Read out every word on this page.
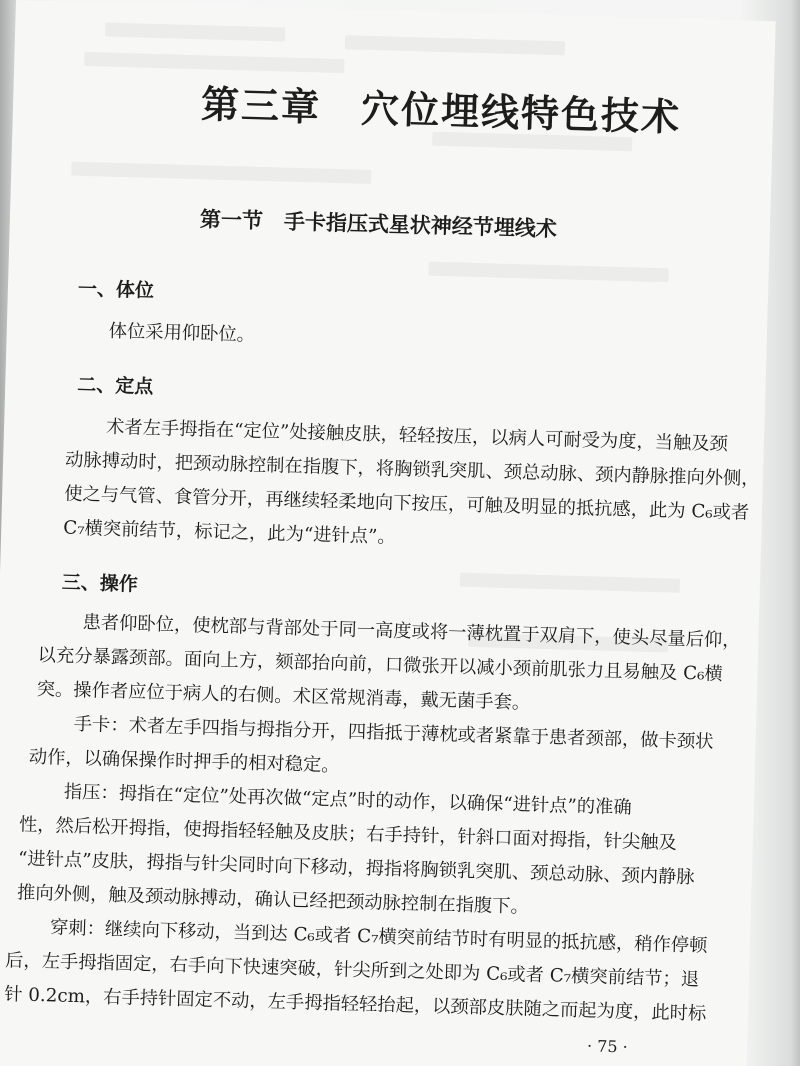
第三章　穴位埋线特色技术
第一节　手卡指压式星状神经节埋线术
一、体位
体位采用仰卧位。
二、定点
术者左手拇指在“定位”处接触皮肤，轻轻按压，以病人可耐受为度，当触及颈
动脉搏动时，把颈动脉控制在指腹下，将胸锁乳突肌、颈总动脉、颈内静脉推向外侧，
使之与气管、食管分开，再继续轻柔地向下按压，可触及明显的抵抗感，此为 C₆或者
C₇横突前结节，标记之，此为“进针点”。
三、操作
患者仰卧位，使枕部与背部处于同一高度或将一薄枕置于双肩下，使头尽量后仰，
以充分暴露颈部。面向上方，颏部抬向前，口微张开以减小颈前肌张力且易触及 C₆横
突。操作者应位于病人的右侧。术区常规消毒，戴无菌手套。
手卡：术者左手四指与拇指分开，四指抵于薄枕或者紧靠于患者颈部，做卡颈状
动作，以确保操作时押手的相对稳定。
指压：拇指在“定位”处再次做“定点”时的动作，以确保“进针点”的准确
性，然后松开拇指，使拇指轻轻触及皮肤；右手持针，针斜口面对拇指，针尖触及
“进针点”皮肤，拇指与针尖同时向下移动，拇指将胸锁乳突肌、颈总动脉、颈内静脉
推向外侧，触及颈动脉搏动，确认已经把颈动脉控制在指腹下。
穿刺：继续向下移动，当到达 C₆或者 C₇横突前结节时有明显的抵抗感，稍作停顿
后，左手拇指固定，右手向下快速突破，针尖所到之处即为 C₆或者 C₇横突前结节；退
针 0.2cm，右手持针固定不动，左手拇指轻轻抬起，以颈部皮肤随之而起为度，此时标
· 75 ·
